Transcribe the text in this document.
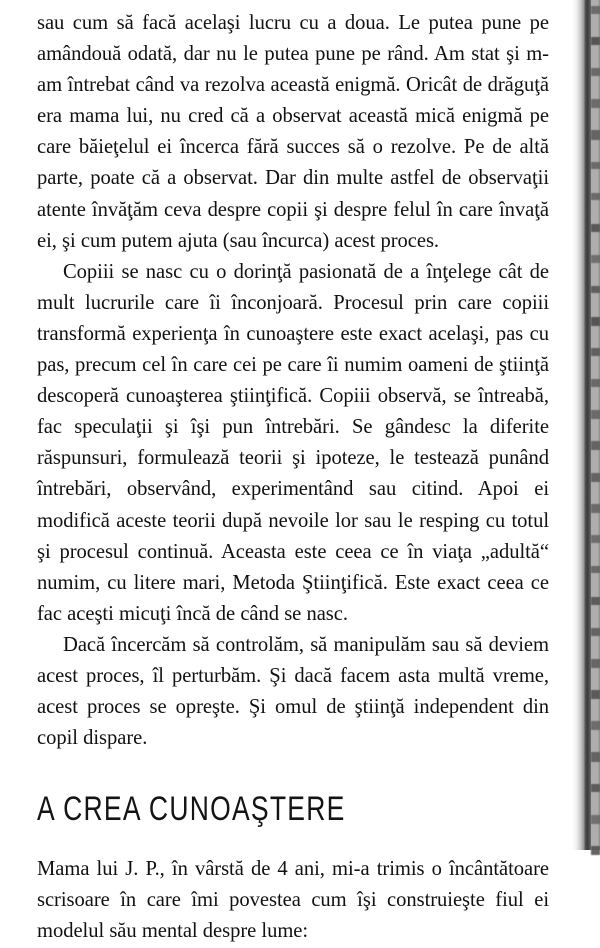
sau cum să facă acelaşi lucru cu a doua. Le putea pune pe amândouă odată, dar nu le putea pune pe rând. Am stat şi m-am întrebat când va rezolva această enigmă. Oricât de drăguţă era mama lui, nu cred că a observat această mică enigmă pe care băieţelul ei încerca fără succes să o rezolve. Pe de altă parte, poate că a observat. Dar din multe astfel de observaţii atente învăţăm ceva despre copii şi despre felul în care învaţă ei, şi cum putem ajuta (sau încurca) acest proces.

Copiii se nasc cu o dorinţă pasionată de a înţelege cât de mult lucrurile care îi înconjoară. Procesul prin care copiii transformă experienţa în cunoaştere este exact acelaşi, pas cu pas, precum cel în care cei pe care îi numim oameni de ştiinţă descoperă cunoaşterea ştiinţifică. Copiii observă, se întreabă, fac speculaţii şi îşi pun întrebări. Se gândesc la diferite răspunsuri, formulează teorii şi ipoteze, le testează punând întrebări, observând, experimentând sau citind. Apoi ei modifică aceste teorii după nevoile lor sau le resping cu totul şi procesul continuă. Aceasta este ceea ce în viaţa „adultă“ numim, cu litere mari, Metoda Ştiinţifică. Este exact ceea ce fac aceşti micuţi încă de când se nasc.

Dacă încercăm să controlăm, să manipulăm sau să deviem acest proces, îl perturbăm. Şi dacă facem asta multă vreme, acest proces se opreşte. Şi omul de ştiinţă independent din copil dispare.

A CREA CUNOAŞTERE

Mama lui J. P., în vârstă de 4 ani, mi-a trimis o încântătoare scrisoare în care îmi povestea cum îşi construieşte fiul ei modelul său mental despre lume:
